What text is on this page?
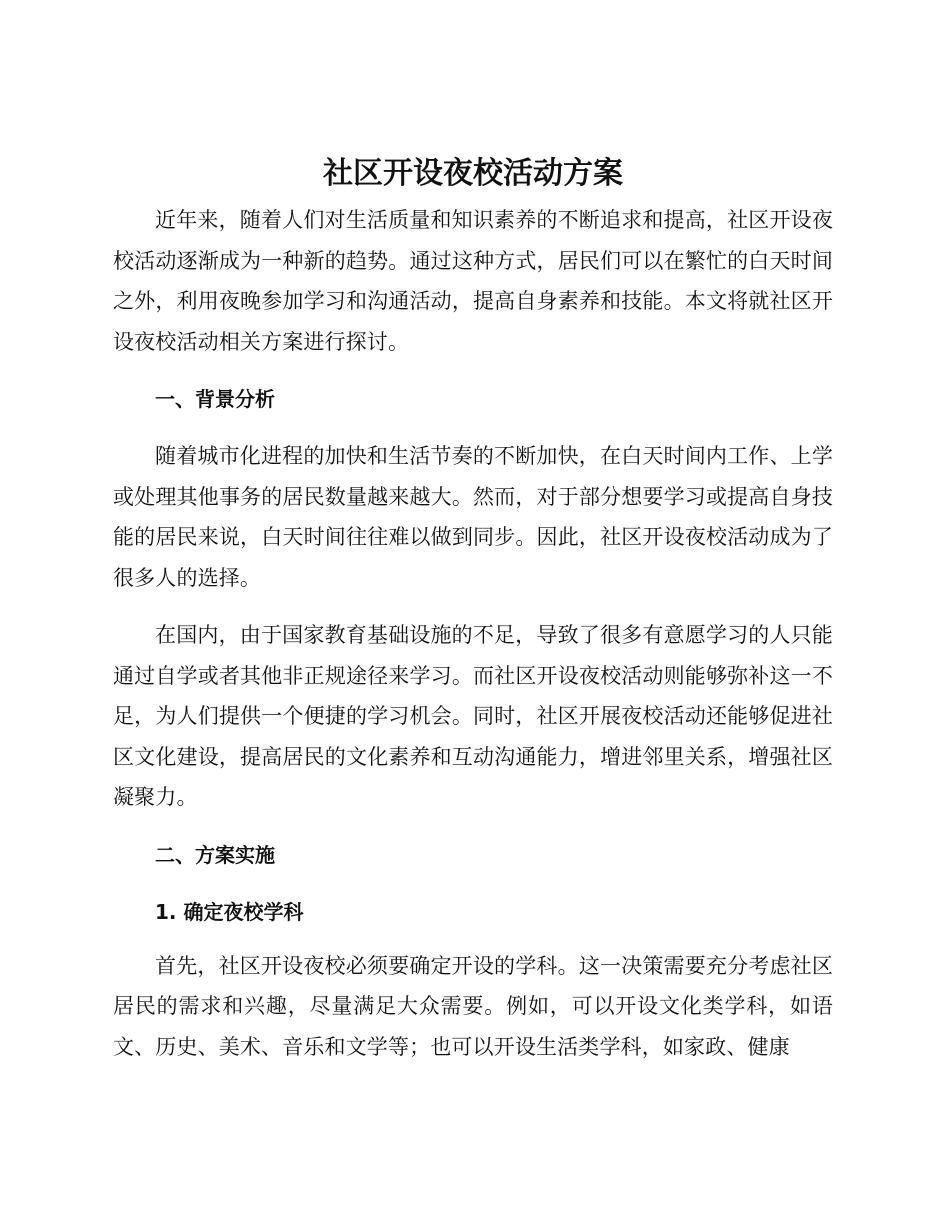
社区开设夜校活动方案

近年来，随着人们对生活质量和知识素养的不断追求和提高，社区开设夜校活动逐渐成为一种新的趋势。通过这种方式，居民们可以在繁忙的白天时间之外，利用夜晚参加学习和沟通活动，提高自身素养和技能。本文将就社区开设夜校活动相关方案进行探讨。

一、背景分析

随着城市化进程的加快和生活节奏的不断加快，在白天时间内工作、上学或处理其他事务的居民数量越来越大。然而，对于部分想要学习或提高自身技能的居民来说，白天时间往往难以做到同步。因此，社区开设夜校活动成为了很多人的选择。

在国内，由于国家教育基础设施的不足，导致了很多有意愿学习的人只能通过自学或者其他非正规途径来学习。而社区开设夜校活动则能够弥补这一不足，为人们提供一个便捷的学习机会。同时，社区开展夜校活动还能够促进社区文化建设，提高居民的文化素养和互动沟通能力，增进邻里关系，增强社区凝聚力。

二、方案实施
1. 确定夜校学科

首先，社区开设夜校必须要确定开设的学科。这一决策需要充分考虑社区居民的需求和兴趣，尽量满足大众需要。例如，可以开设文化类学科，如语文、历史、美术、音乐和文学等；也可以开设生活类学科，如家政、健康
